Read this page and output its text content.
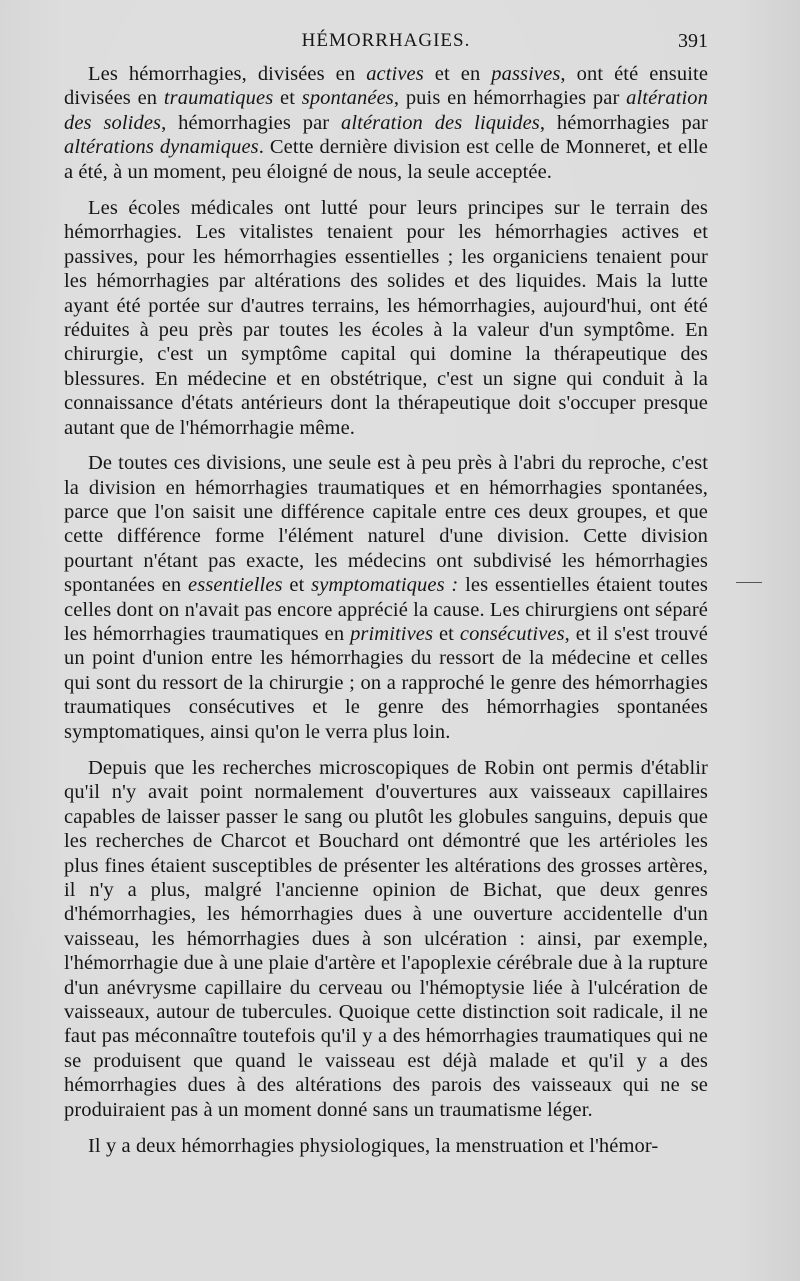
HÉMORRHAGIES.	391

Les hémorrhagies, divisées en actives et en passives, ont été ensuite divisées en traumatiques et spontanées, puis en hémorrhagies par altération des solides, hémorrhagies par altération des liquides, hémorrhagies par altérations dynamiques. Cette dernière division est celle de Monneret, et elle a été, à un moment, peu éloigné de nous, la seule acceptée.

Les écoles médicales ont lutté pour leurs principes sur le terrain des hémorrhagies. Les vitalistes tenaient pour les hémorrhagies actives et passives, pour les hémorrhagies essentielles ; les organiciens tenaient pour les hémorrhagies par altérations des solides et des liquides. Mais la lutte ayant été portée sur d'autres terrains, les hémorrhagies, aujourd'hui, ont été réduites à peu près par toutes les écoles à la valeur d'un symptôme. En chirurgie, c'est un symptôme capital qui domine la thérapeutique des blessures. En médecine et en obstétrique, c'est un signe qui conduit à la connaissance d'états antérieurs dont la thérapeutique doit s'occuper presque autant que de l'hémorrhagie même.

De toutes ces divisions, une seule est à peu près à l'abri du reproche, c'est la division en hémorrhagies traumatiques et en hémorrhagies spontanées, parce que l'on saisit une différence capitale entre ces deux groupes, et que cette différence forme l'élément naturel d'une division. Cette division pourtant n'étant pas exacte, les médecins ont subdivisé les hémorrhagies spontanées en essentielles et symptomatiques : les essentielles étaient toutes celles dont on n'avait pas encore apprécié la cause. Les chirurgiens ont séparé les hémorrhagies traumatiques en primitives et consécutives, et il s'est trouvé un point d'union entre les hémorrhagies du ressort de la médecine et celles qui sont du ressort de la chirurgie ; on a rapproché le genre des hémorrhagies traumatiques consécutives et le genre des hémorrhagies spontanées symptomatiques, ainsi qu'on le verra plus loin.

Depuis que les recherches microscopiques de Robin ont permis d'établir qu'il n'y avait point normalement d'ouvertures aux vaisseaux capillaires capables de laisser passer le sang ou plutôt les globules sanguins, depuis que les recherches de Charcot et Bouchard ont démontré que les artérioles les plus fines étaient susceptibles de présenter les altérations des grosses artères, il n'y a plus, malgré l'ancienne opinion de Bichat, que deux genres d'hémorrhagies, les hémorrhagies dues à une ouverture accidentelle d'un vaisseau, les hémorrhagies dues à son ulcération : ainsi, par exemple, l'hémorrhagie due à une plaie d'artère et l'apoplexie cérébrale due à la rupture d'un anévrysme capillaire du cerveau ou l'hémoptysie liée à l'ulcération de vaisseaux, autour de tubercules. Quoique cette distinction soit radicale, il ne faut pas méconnaître toutefois qu'il y a des hémorrhagies traumatiques qui ne se produisent que quand le vaisseau est déjà malade et qu'il y a des hémorrhagies dues à des altérations des parois des vaisseaux qui ne se produiraient pas à un moment donné sans un traumatisme léger.

Il y a deux hémorrhagies physiologiques, la menstruation et l'hémor-
